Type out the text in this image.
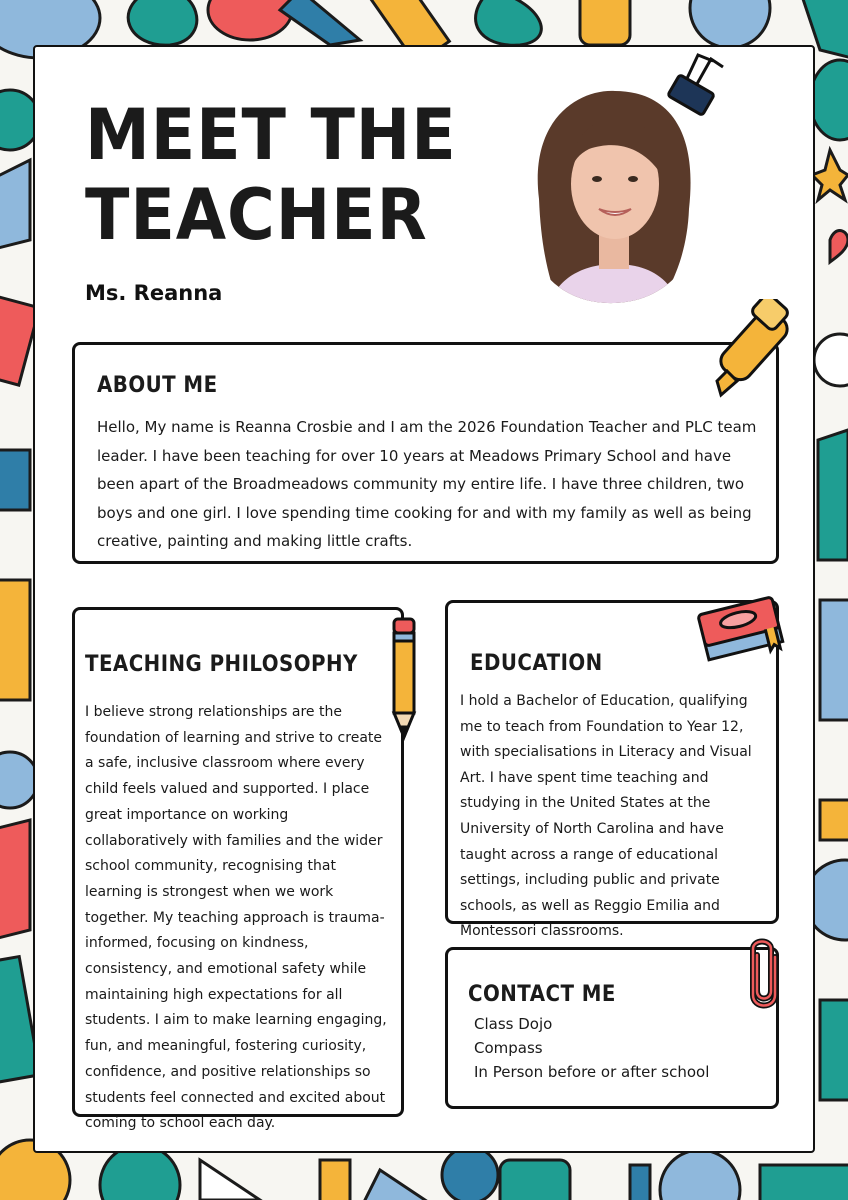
MEET THE
TEACHER

Ms. Reanna

ABOUT ME

Hello, My name is Reanna Crosbie and I am the 2026 Foundation Teacher and PLC team leader. I have been teaching for over 10 years at Meadows Primary School and have been apart of the Broadmeadows community my entire life. I have three children, two boys and one girl. I love spending time cooking for and with my family as well as being creative, painting and making little crafts.

TEACHING PHILOSOPHY

I believe strong relationships are the foundation of learning and strive to create a safe, inclusive classroom where every child feels valued and supported. I place great importance on working collaboratively with families and the wider school community, recognising that learning is strongest when we work together. My teaching approach is trauma-informed, focusing on kindness, consistency, and emotional safety while maintaining high expectations for all students. I aim to make learning engaging, fun, and meaningful, fostering curiosity, confidence, and positive relationships so students feel connected and excited about coming to school each day.

EDUCATION

I hold a Bachelor of Education, qualifying me to teach from Foundation to Year 12, with specialisations in Literacy and Visual Art. I have spent time teaching and studying in the United States at the University of North Carolina and have taught across a range of educational settings, including public and private schools, as well as Reggio Emilia and Montessori classrooms.

CONTACT ME
Class Dojo
Compass
In Person before or after school
